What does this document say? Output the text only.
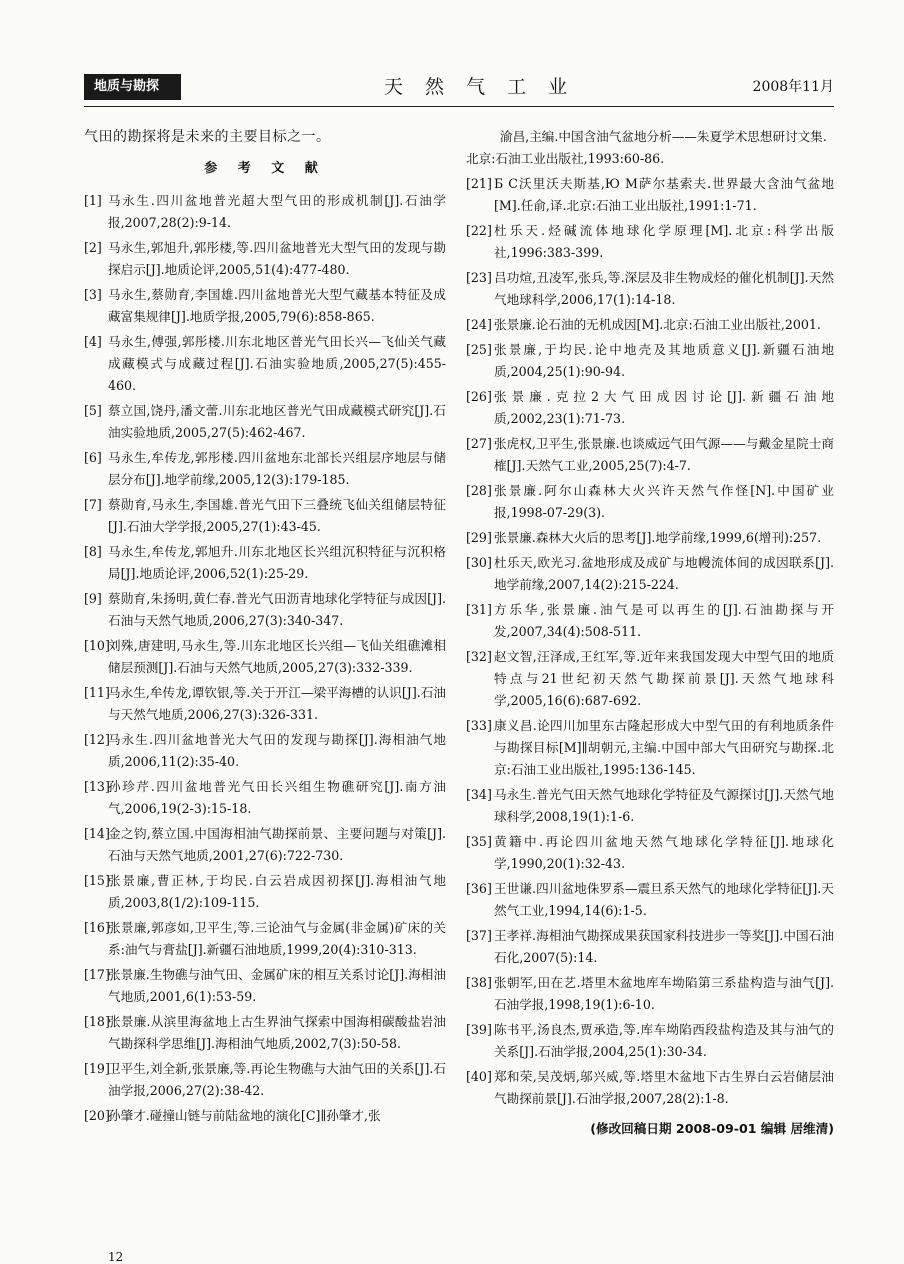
地质与勘探	天 然 气 工 业	2008年11月

气田的勘探将是未来的主要目标之一。

参 考 文 献

[1] 马永生.四川盆地普光超大型气田的形成机制[J].石油学报,2007,28(2):9-14.
[2] 马永生,郭旭升,郭彤楼,等.四川盆地普光大型气田的发现与勘探启示[J].地质论评,2005,51(4):477-480.
[3] 马永生,蔡勋育,李国雄.四川盆地普光大型气藏基本特征及成藏富集规律[J].地质学报,2005,79(6):858-865.
[4] 马永生,傅强,郭彤楼.川东北地区普光气田长兴—飞仙关气藏成藏模式与成藏过程[J].石油实验地质,2005,27(5):455-460.
[5] 蔡立国,饶丹,潘文蕾.川东北地区普光气田成藏模式研究[J].石油实验地质,2005,27(5):462-467.
[6] 马永生,牟传龙,郭彤楼.四川盆地东北部长兴组层序地层与储层分布[J].地学前缘,2005,12(3):179-185.
[7] 蔡勋育,马永生,李国雄.普光气田下三叠统飞仙关组储层特征[J].石油大学学报,2005,27(1):43-45.
[8] 马永生,牟传龙,郭旭升.川东北地区长兴组沉积特征与沉积格局[J].地质论评,2006,52(1):25-29.
[9] 蔡勋育,朱扬明,黄仁春.普光气田沥青地球化学特征与成因[J].石油与天然气地质,2006,27(3):340-347.
[10]
刘殊,唐建明,马永生,等.川东北地区长兴组—飞仙关组礁滩相储层预测[J].石油与天然气地质,2005,27(3):332-339.
[11]
马永生,牟传龙,谭钦银,等.关于开江—梁平海槽的认识[J].石油与天然气地质,2006,27(3):326-331.
[12]
马永生.四川盆地普光大气田的发现与勘探[J].海相油气地质,2006,11(2):35-40.
[13]
孙珍芹.四川盆地普光气田长兴组生物礁研究[J].南方油气,2006,19(2-3):15-18.
[14]
金之钧,蔡立国.中国海相油气勘探前景、主要问题与对策[J].石油与天然气地质,2001,27(6):722-730.
[15]
张景廉,曹正林,于均民.白云岩成因初探[J].海相油气地质,2003,8(1/2):109-115.
[16]
张景廉,郭彦如,卫平生,等.三论油气与金属(非金属)矿床的关系:油气与膏盐[J].新疆石油地质,1999,20(4):310-313.
[17]
张景廉.生物礁与油气田、金属矿床的相互关系讨论[J].海相油气地质,2001,6(1):53-59.
[18]
张景廉.从滨里海盆地上古生界油气探索中国海相碳酸盐岩油气勘探科学思维[J].海相油气地质,2002,7(3):50-58.
[19]
卫平生,刘全新,张景廉,等.再论生物礁与大油气田的关系[J].石油学报,2006,27(2):38-42.
[20]
孙肇才.碰撞山链与前陆盆地的演化[C]∥孙肇才,张
渝昌,主编.中国含油气盆地分析——朱夏学术思想研讨文集.北京:石油工业出版社,1993:60-86.
[21] Б С沃里沃夫斯基,Ю М萨尔基索夫.世界最大含油气盆地[M].任俞,译.北京:石油工业出版社,1991:1-71.
[22] 杜乐天.烃碱流体地球化学原理[M].北京:科学出版社,1996:383-399.
[23] 吕功煊,丑凌军,张兵,等.深层及非生物成烃的催化机制[J].天然气地球科学,2006,17(1):14-18.
[24] 张景廉.论石油的无机成因[M].北京:石油工业出版社,2001.
[25] 张景廉,于均民.论中地壳及其地质意义[J].新疆石油地质,2004,25(1):90-94.
[26] 张景廉.克拉2大气田成因讨论[J].新疆石油地质,2002,23(1):71-73.
[27] 张虎权,卫平生,张景廉.也谈威远气田气源——与戴金星院士商榷[J].天然气工业,2005,25(7):4-7.
[28] 张景廉.阿尔山森林大火兴许天然气作怪[N].中国矿业报,1998-07-29(3).
[29] 张景廉.森林大火后的思考[J].地学前缘,1999,6(增刊):257.
[30] 杜乐天,欧光习.盆地形成及成矿与地幔流体间的成因联系[J].地学前缘,2007,14(2):215-224.
[31] 方乐华,张景廉.油气是可以再生的[J].石油勘探与开发,2007,34(4):508-511.
[32] 赵文智,汪泽成,王红军,等.近年来我国发现大中型气田的地质特点与21世纪初天然气勘探前景[J].天然气地球科学,2005,16(6):687-692.
[33] 康义昌.论四川加里东古隆起形成大中型气田的有利地质条件与勘探目标[M]∥胡朝元,主编.中国中部大气田研究与勘探.北京:石油工业出版社,1995:136-145.
[34] 马永生.普光气田天然气地球化学特征及气源探讨[J].天然气地球科学,2008,19(1):1-6.
[35] 黄籍中.再论四川盆地天然气地球化学特征[J].地球化学,1990,20(1):32-43.
[36] 王世谦.四川盆地侏罗系—震旦系天然气的地球化学特征[J].天然气工业,1994,14(6):1-5.
[37] 王孝祥.海相油气勘探成果获国家科技进步一等奖[J].中国石油石化,2007(5):14.
[38] 张朝军,田在艺.塔里木盆地库车坳陷第三系盐构造与油气[J].石油学报,1998,19(1):6-10.
[39] 陈书平,汤良杰,贾承造,等.库车坳陷西段盐构造及其与油气的关系[J].石油学报,2004,25(1):30-34.
[40] 郑和荣,吴茂炳,邬兴威,等.塔里木盆地下古生界白云岩储层油气勘探前景[J].石油学报,2007,28(2):1-8.
(修改回稿日期 2008-09-01 编辑 居维清)
12
